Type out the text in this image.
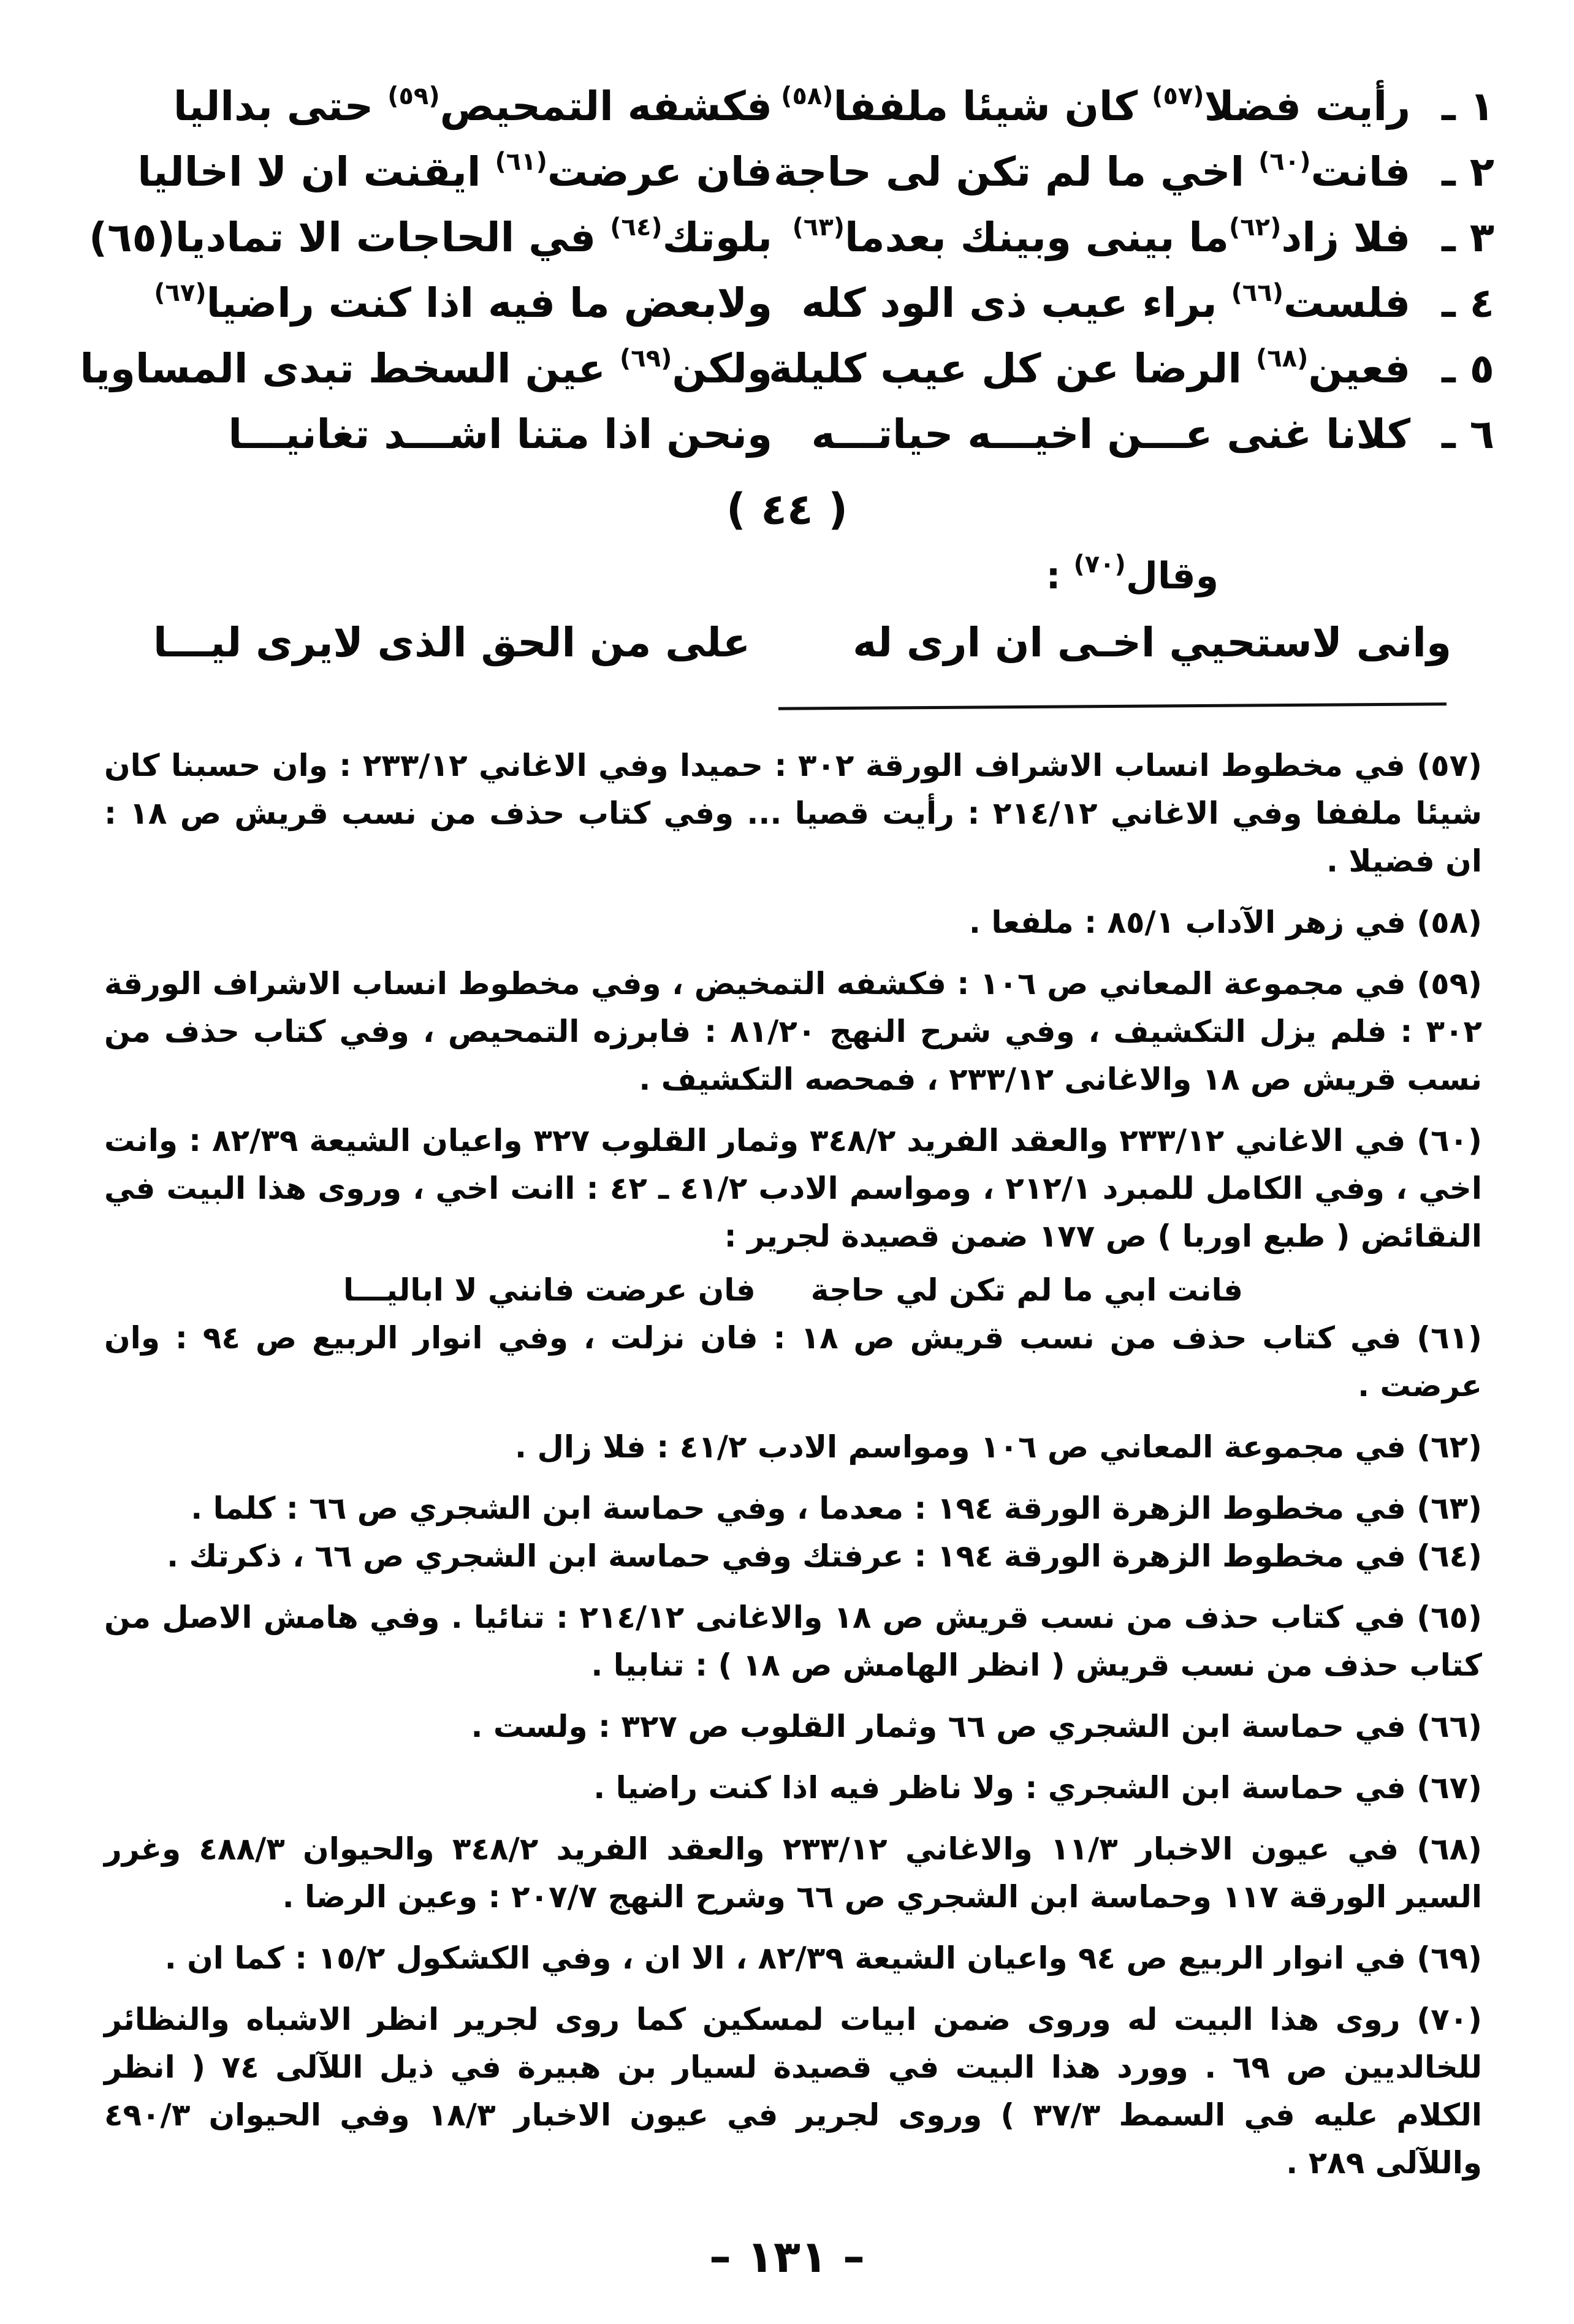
١ ـ رأيت فضلا$^{(٥٧)}$ كان شيئا ملففا$^{(٥٨)}$
٢ ـ فانت$^{(٦٠)}$ اخي ما لم تكن لى حاجة
٣ ـ فلا زاد$^{(٦٢)}$ما بينى وبينك بعدما$^{(٦٣)}$
٤ ـ فلست$^{(٦٦)}$ براء عيب ذى الود كله
٥ ـ فعين$^{(٦٨)}$ الرضا عن كل عيب كليلة
٦ ـ كلانا غنى عـــن اخيـــه حياتـــه
فكشفه التمحيص$^{(٥٩)}$ حتى بداليا
فان عرضت$^{(٦١)}$ ايقنت ان لا اخاليا
بلوتك$^{(٦٤)}$ في الحاجات الا تماديا(٦٥)
ولابعض ما فيه اذا كنت راضيا$^{(٦٧)}$
ولكن$^{(٦٩)}$ عين السخط تبدى المساويا
ونحن اذا متنا اشـــد تغانيـــا
( ٤٤ )
وقال$^{(٧٠)}$ :
وانى لاستحيي اخـى ان ارى له
على من الحق الذى لايرى ليـــا

(٥٧) في مخطوط انساب الاشراف الورقة ٣٠٢ : حميدا وفي الاغاني ٢٣٣/١٢ : وان حسبنا كان شيئا ملففا وفي الاغاني ٢١٤/١٢ : رأيت قصيا ... وفي كتاب حذف من نسب قريش ص ١٨ : ان فضيلا .

(٥٨) في زهر الآداب ٨٥/١ : ملفعا .

(٥٩) في مجموعة المعاني ص ١٠٦ : فكشفه التمخيض ، وفي مخطوط انساب الاشراف الورقة ٣٠٢ : فلم يزل التكشيف ، وفي شرح النهج ٨١/٢٠ : فابرزه التمحيص ، وفي كتاب حذف من نسب قريش ص ١٨ والاغانى ٢٣٣/١٢ ، فمحصه التكشيف .

(٦٠) في الاغاني ٢٣٣/١٢ والعقد الفريد ٣٤٨/٢ وثمار القلوب ٣٢٧ واعيان الشيعة ٨٢/٣٩ : وانت اخي ، وفي الكامل للمبرد ٢١٢/١ ، ومواسم الادب ٤١/٢ ـ ٤٢ : اانت اخي ، وروى هذا البيت في النقائض ( طبع اوربا ) ص ١٧٧ ضمن قصيدة لجرير :

فانت ابي ما لم تكن لي حاجة
فان عرضت فانني لا اباليـــا

(٦١) في كتاب حذف من نسب قريش ص ١٨ : فان نزلت ، وفي انوار الربيع ص ٩٤ : وان عرضت .

(٦٢) في مجموعة المعاني ص ١٠٦ ومواسم الادب ٤١/٢ : فلا زال .

(٦٣) في مخطوط الزهرة الورقة ١٩٤ : معدما ، وفي حماسة ابن الشجري ص ٦٦ : كلما .

(٦٤) في مخطوط الزهرة الورقة ١٩٤ : عرفتك وفي حماسة ابن الشجري ص ٦٦ ، ذكرتك .

(٦٥) في كتاب حذف من نسب قريش ص ١٨ والاغانى ٢١٤/١٢ : تنائيا . وفي هامش الاصل من كتاب حذف من نسب قريش ( انظر الهامش ص ١٨ ) : تنابيا .

(٦٦) في حماسة ابن الشجري ص ٦٦ وثمار القلوب ص ٣٢٧ : ولست .

(٦٧) في حماسة ابن الشجري : ولا ناظر فيه اذا كنت راضيا .

(٦٨) في عيون الاخبار ١١/٣ والاغاني ٢٣٣/١٢ والعقد الفريد ٣٤٨/٢ والحيوان ٤٨٨/٣ وغرر السير الورقة ١١٧ وحماسة ابن الشجري ص ٦٦ وشرح النهج ٢٠٧/٧ : وعين الرضا .

(٦٩) في انوار الربيع ص ٩٤ واعيان الشيعة ٨٢/٣٩ ، الا ان ، وفي الكشكول ١٥/٢ : كما ان .

(٧٠) روى هذا البيت له وروى ضمن ابيات لمسكين كما روى لجرير انظر الاشباه والنظائر للخالديين ص ٦٩ . وورد هذا البيت في قصيدة لسيار بن هبيرة في ذيل اللآلى ٧٤ ( انظر الكلام عليه في السمط ٣٧/٣ ) وروى لجرير في عيون الاخبار ١٨/٣ وفي الحيوان ٤٩٠/٣ واللآلى ٢٨٩ .

– ١٣١ –
